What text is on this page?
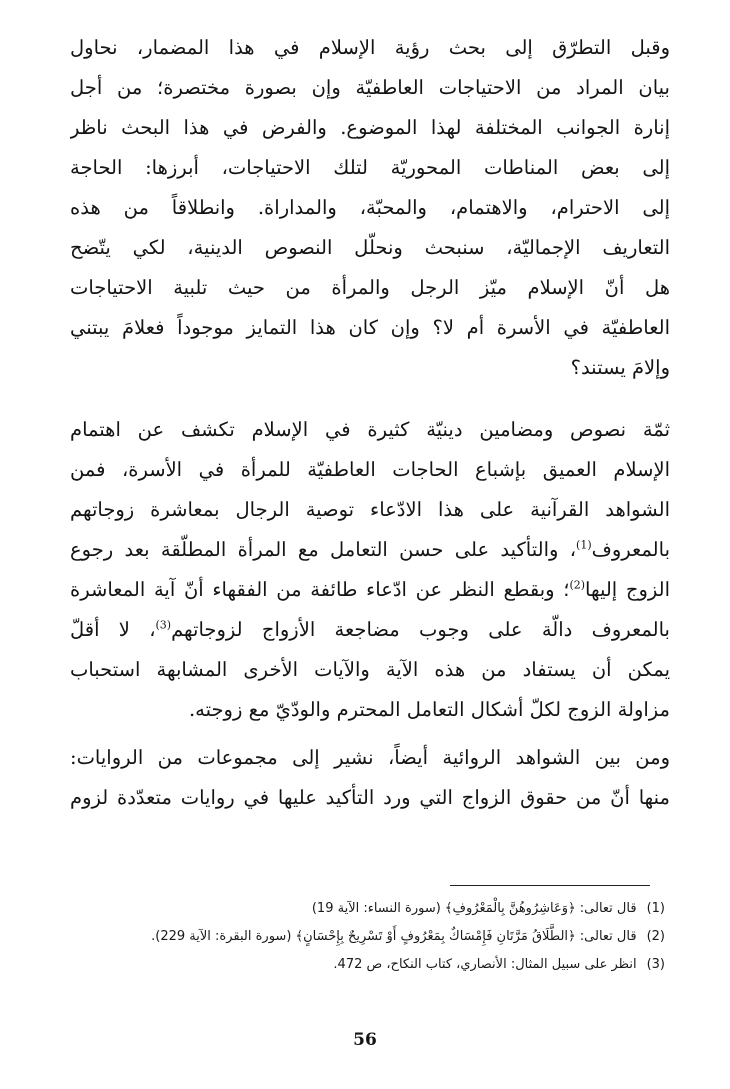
وقبل التطرّق إلى بحث رؤية الإسلام في هذا المضمار، نحاول

بيان المراد من الاحتياجات العاطفيّة وإن بصورة مختصرة؛ من أجل

إنارة الجوانب المختلفة لهذا الموضوع. والفرض في هذا البحث ناظر

إلى بعض المناطات المحوريّة لتلك الاحتياجات، أبرزها: الحاجة

إلى الاحترام، والاهتمام، والمحبّة، والمداراة. وانطلاقاً من هذه

التعاريف الإجماليّة، سنبحث ونحلّل النصوص الدينية، لكي يتّضح

هل أنّ الإسلام ميّز الرجل والمرأة من حيث تلبية الاحتياجات

العاطفيّة في الأسرة أم لا؟ وإن كان هذا التمايز موجوداً فعلامَ يبتني

وإلامَ يستند؟

ثمّة نصوص ومضامين دينيّة كثيرة في الإسلام تكشف عن اهتمام

الإسلام العميق بإشباع الحاجات العاطفيّة للمرأة في الأسرة، فمن

الشواهد القرآنية على هذا الادّعاء توصية الرجال بمعاشرة زوجاتهم

بالمعروف$^{(1)}$، والتأكيد على حسن التعامل مع المرأة المطلّقة بعد رجوع

الزوج إليها$^{(2)}$؛ وبقطع النظر عن ادّعاء طائفة من الفقهاء أنّ آية المعاشرة

بالمعروف دالّة على وجوب مضاجعة الأزواج لزوجاتهم$^{(3)}$، لا أقلّ

يمكن أن يستفاد من هذه الآية والآيات الأخرى المشابهة استحباب

مزاولة الزوج لكلّ أشكال التعامل المحترم والودّيّ مع زوجته.

ومن بين الشواهد الروائية أيضاً، نشير إلى مجموعات من الروايات:

منها أنّ من حقوق الزواج التي ورد التأكيد عليها في روايات متعدّدة لزوم

(1)قال تعالى: ﴿وَعَاشِرُوهُنَّ بِالْمَعْرُوفِ﴾ (سورة النساء: الآية 19)
(2)قال تعالى: ﴿الطَّلَاقُ مَرَّتَانِ فَإِمْسَاكٌ بِمَعْرُوفٍ أَوْ تَسْرِيحٌ بِإِحْسَانٍ﴾ (سورة البقرة: الآية 229).
(3)انظر على سبيل المثال: الأنصاري، كتاب النكاح، ص 472.
56
